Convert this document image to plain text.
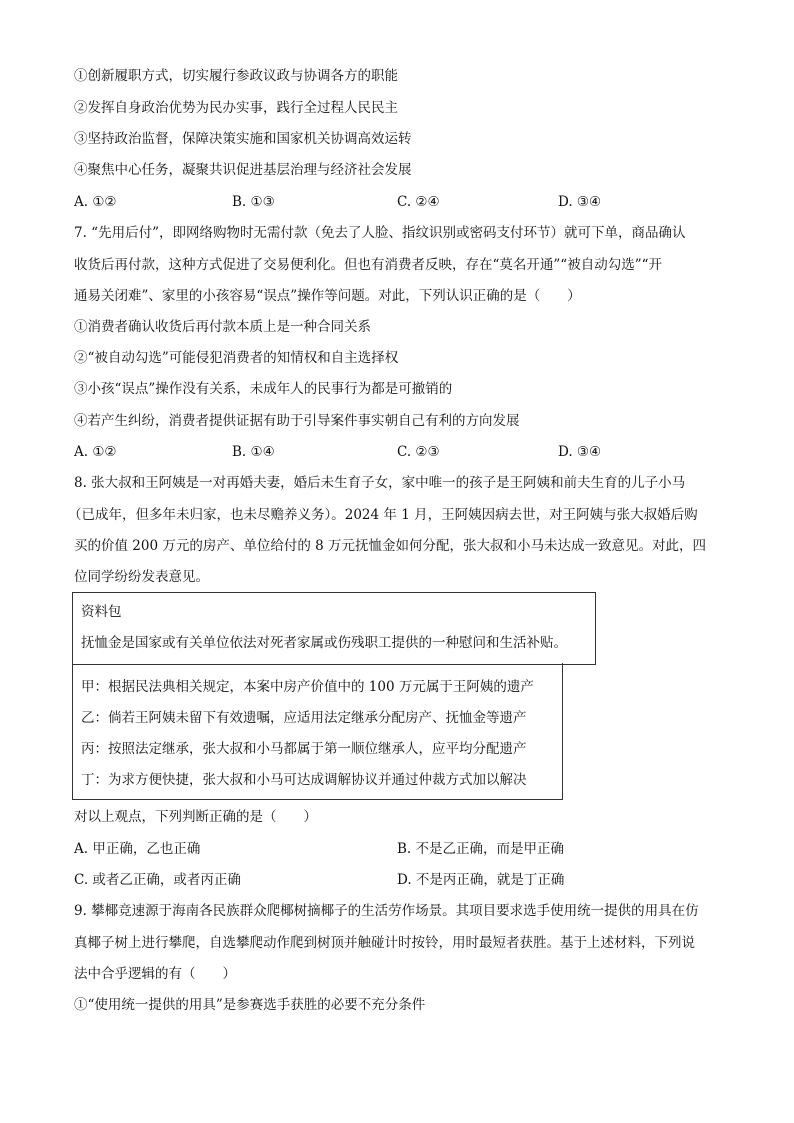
①创新履职方式，切实履行参政议政与协调各方的职能
②发挥自身政治优势为民办实事，践行全过程人民民主
③坚持政治监督，保障决策实施和国家机关协调高效运转
④聚焦中心任务，凝聚共识促进基层治理与经济社会发展
A. ①②	B. ①③	C. ②④	D. ③④
7. “先用后付”，即网络购物时无需付款（免去了人脸、指纹识别或密码支付环节）就可下单，商品确认
收货后再付款，这种方式促进了交易便利化。但也有消费者反映，存在“莫名开通”“被自动勾选”“开
通易关闭难”、家里的小孩容易“误点”操作等问题。对此，下列认识正确的是（　　）
①消费者确认收货后再付款本质上是一种合同关系
②“被自动勾选”可能侵犯消费者的知情权和自主选择权
③小孩“误点”操作没有关系，未成年人的民事行为都是可撤销的
④若产生纠纷，消费者提供证据有助于引导案件事实朝自己有利的方向发展
A. ①②	B. ①④	C. ②③	D. ③④
8. 张大叔和王阿姨是一对再婚夫妻，婚后未生育子女，家中唯一的孩子是王阿姨和前夫生育的儿子小马
（已成年，但多年未归家，也未尽赡养义务）。2024 年 1 月，王阿姨因病去世，对王阿姨与张大叔婚后购
买的价值 200 万元的房产、单位给付的 8 万元抚恤金如何分配，张大叔和小马未达成一致意见。对此，四
位同学纷纷发表意见。
资料包
抚恤金是国家或有关单位依法对死者家属或伤残职工提供的一种慰问和生活补贴。
甲：根据民法典相关规定，本案中房产价值中的 100 万元属于王阿姨的遗产
乙：倘若王阿姨未留下有效遗嘱，应适用法定继承分配房产、抚恤金等遗产
丙：按照法定继承，张大叔和小马都属于第一顺位继承人，应平均分配遗产
丁：为求方便快捷，张大叔和小马可达成调解协议并通过仲裁方式加以解决
对以上观点，下列判断正确的是（　　）
A. 甲正确，乙也正确	B. 不是乙正确，而是甲正确
C. 或者乙正确，或者丙正确	D. 不是丙正确，就是丁正确
9. 攀椰竞速源于海南各民族群众爬椰树摘椰子的生活劳作场景。其项目要求选手使用统一提供的用具在仿
真椰子树上进行攀爬，自选攀爬动作爬到树顶并触碰计时按铃，用时最短者获胜。基于上述材料，下列说
法中合乎逻辑的有（　　）
①“使用统一提供的用具”是参赛选手获胜的必要不充分条件
